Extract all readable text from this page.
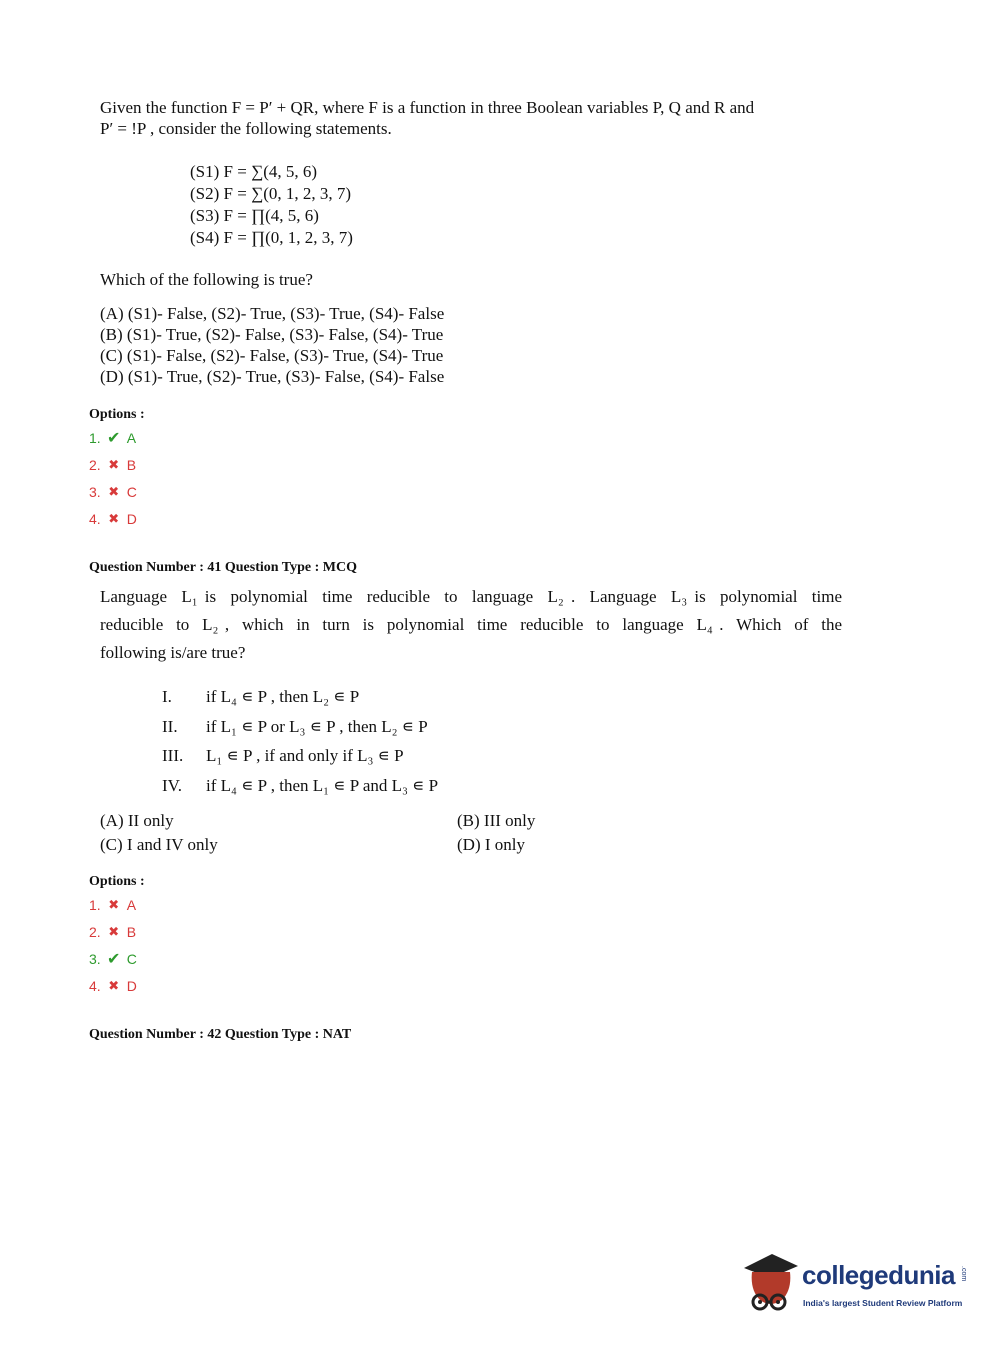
Given the function F = P′ + QR, where F is a function in three Boolean variables P, Q and R and
P′ = !P , consider the following statements.
(S1) F = ∑(4, 5, 6)
(S2) F = ∑(0, 1, 2, 3, 7)
(S3) F = ∏(4, 5, 6)
(S4) F = ∏(0, 1, 2, 3, 7)
Which of the following is true?
(A) (S1)- False, (S2)- True, (S3)- True, (S4)- False
(B) (S1)- True, (S2)- False, (S3)- False, (S4)- True
(C) (S1)- False, (S2)- False, (S3)- True, (S4)- True
(D) (S1)- True, (S2)- True, (S3)- False, (S4)- False
Options :
1. ✔ A
2. ✖ B
3. ✖ C
4. ✖ D
Question Number : 41 Question Type : MCQ
Language  L₁ is  polynomial  time  reducible  to  language  L₂ .  Language  L₃ is  polynomial  time
reducible  to  L₂ ,  which  in  turn  is  polynomial  time  reducible  to  language  L₄ .  Which  of  the
following is/are true?
I. if L₄ ∊ P , then L₂ ∊ P
II. if L₁ ∊ P or L₃ ∊ P , then L₂ ∊ P
III. L₁ ∊ P , if and only if L₃ ∊ P
IV. if L₄ ∊ P , then L₁ ∊ P and L₃ ∊ P
(A) II only	(B) III only
(C) I and IV only	(D) I only
Options :
1. ✖ A
2. ✖ B
3. ✔ C
4. ✖ D
Question Number : 42 Question Type : NAT
collegedunia .com
India's largest Student Review Platform
